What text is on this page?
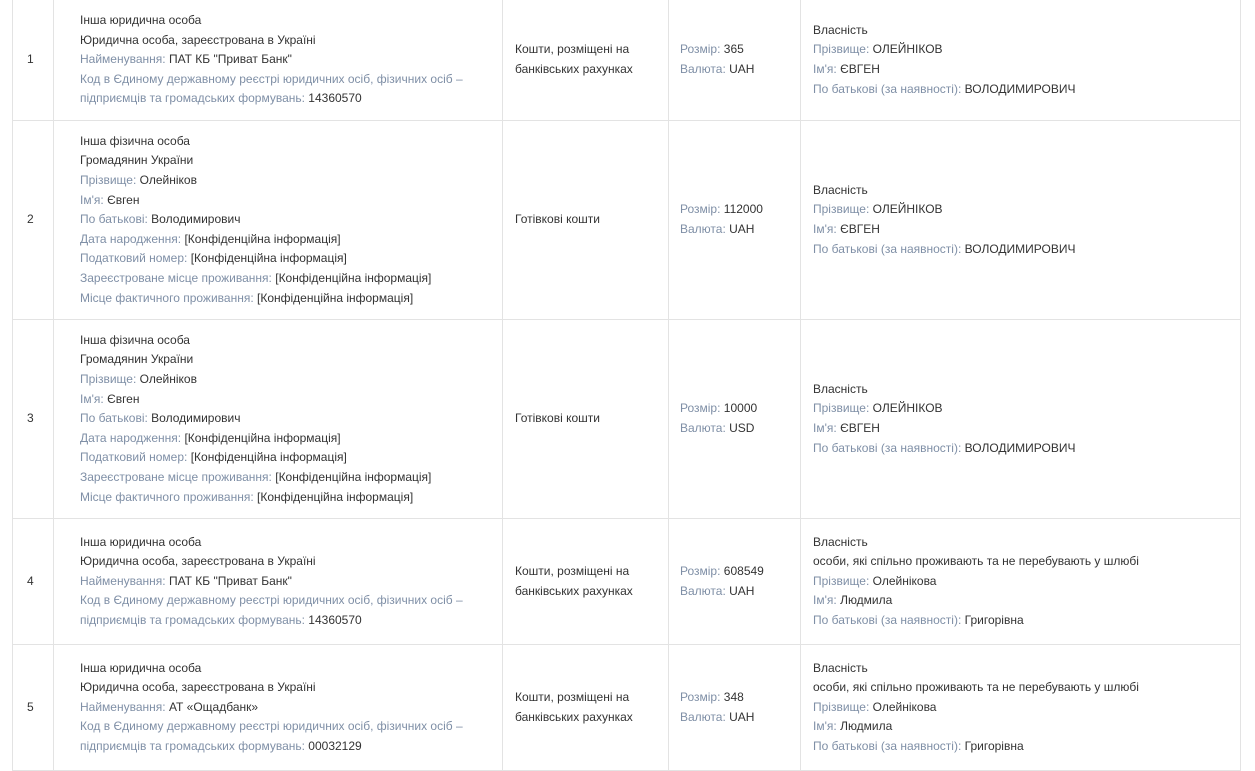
1
Інша юридична особа
Юридична особа, зареєстрована в Україні
Найменування: ПАТ КБ "Приват Банк"
Код в Єдиному державному реєстрі юридичних осіб, фізичних осіб – підприємців та громадських формувань: 14360570
Кошти, розміщені на банківських рахунках
Розмір: 365
Валюта: UAH
Власність
Прізвище: ОЛЕЙНІКОВ
Ім'я: ЄВГЕН
По батькові (за наявності): ВОЛОДИМИРОВИЧ
2
Інша фізична особа
Громадянин України
Прізвище: Олейніков
Ім'я: Євген
По батькові: Володимирович
Дата народження: [Конфіденційна інформація]
Податковий номер: [Конфіденційна інформація]
Зареєстроване місце проживання: [Конфіденційна інформація]
Місце фактичного проживання: [Конфіденційна інформація]
Готівкові кошти
Розмір: 112000
Валюта: UAH
Власність
Прізвище: ОЛЕЙНІКОВ
Ім'я: ЄВГЕН
По батькові (за наявності): ВОЛОДИМИРОВИЧ
3
Інша фізична особа
Громадянин України
Прізвище: Олейніков
Ім'я: Євген
По батькові: Володимирович
Дата народження: [Конфіденційна інформація]
Податковий номер: [Конфіденційна інформація]
Зареєстроване місце проживання: [Конфіденційна інформація]
Місце фактичного проживання: [Конфіденційна інформація]
Готівкові кошти
Розмір: 10000
Валюта: USD
Власність
Прізвище: ОЛЕЙНІКОВ
Ім'я: ЄВГЕН
По батькові (за наявності): ВОЛОДИМИРОВИЧ
4
Інша юридична особа
Юридична особа, зареєстрована в Україні
Найменування: ПАТ КБ "Приват Банк"
Код в Єдиному державному реєстрі юридичних осіб, фізичних осіб – підприємців та громадських формувань: 14360570
Кошти, розміщені на банківських рахунках
Розмір: 608549
Валюта: UAH
Власність
особи, які спільно проживають та не перебувають у шлюбі
Прізвище: Олейнікова
Ім'я: Людмила
По батькові (за наявності): Григорівна
5
Інша юридична особа
Юридична особа, зареєстрована в Україні
Найменування: АТ «Ощадбанк»
Код в Єдиному державному реєстрі юридичних осіб, фізичних осіб – підприємців та громадських формувань: 00032129
Кошти, розміщені на банківських рахунках
Розмір: 348
Валюта: UAH
Власність
особи, які спільно проживають та не перебувають у шлюбі
Прізвище: Олейнікова
Ім'я: Людмила
По батькові (за наявності): Григорівна
